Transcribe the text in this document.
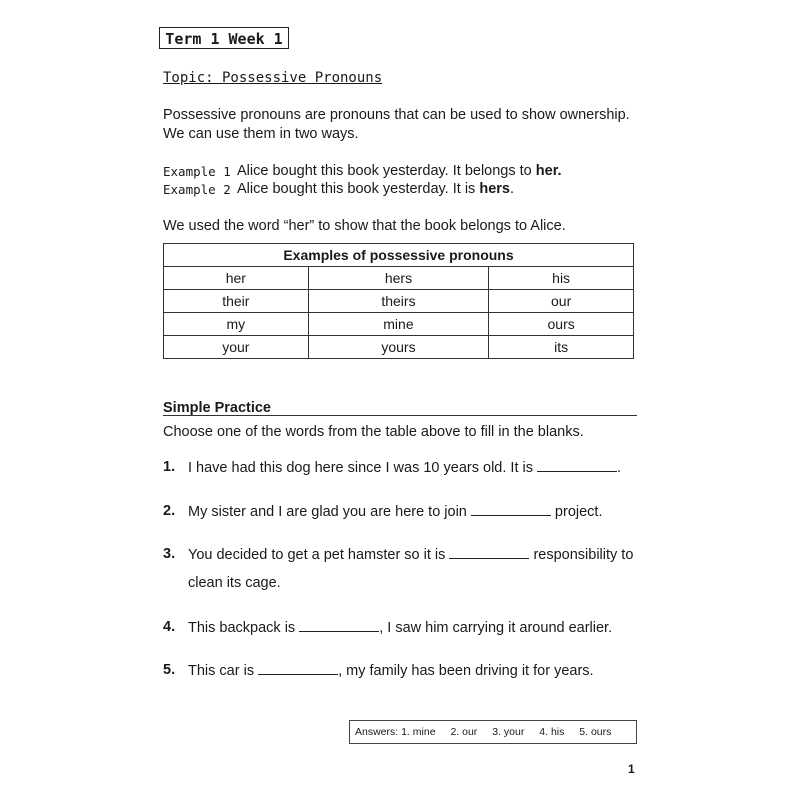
Term 1 Week 1
Topic: Possessive Pronouns
Possessive pronouns are pronouns that can be used to show ownership.
We can use them in two ways.
Example 1 Alice bought this book yesterday. It belongs to her.
Example 2 Alice bought this book yesterday. It is hers.
We used the word “her” to show that the book belongs to Alice.
Examples of possessive pronouns		
her	hers	his
their	theirs	our
my	mine	ours
your	yours	its
Simple Practice
Choose one of the words from the table above to fill in the blanks.
1. I have had this dog here since I was 10 years old. It is	.
2. My sister and I are glad you are here to join	project.
3. You decided to get a pet hamster so it is	responsibility to
clean its cage.
4. This backpack is	, I saw him carrying it around earlier.
5. This car is	, my family has been driving it for years.
Answers: 1. mine 2. our 3. your 4. his 5. ours
1
